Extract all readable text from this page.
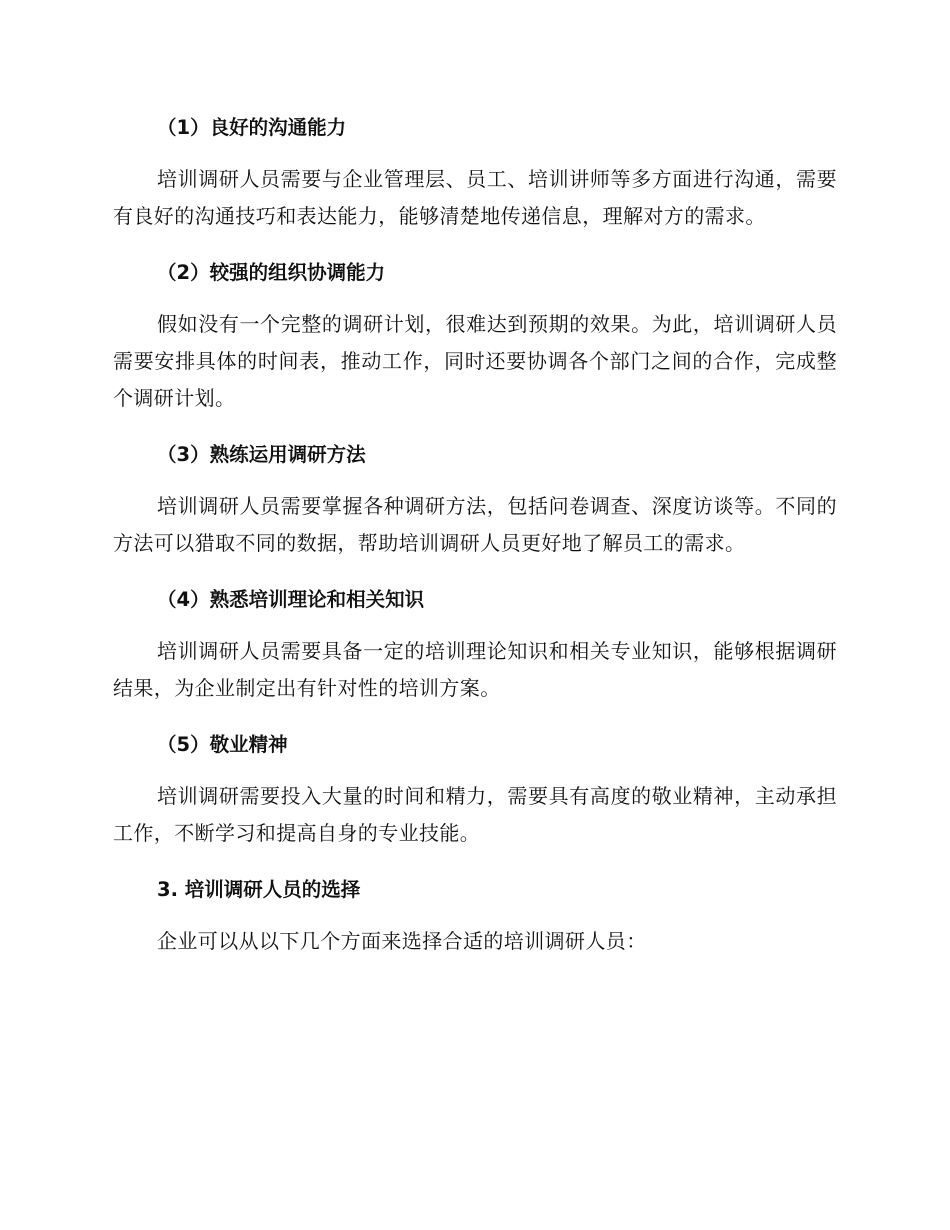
（1）良好的沟通能力

培训调研人员需要与企业管理层、员工、培训讲师等多方面进行沟通，需要有良好的沟通技巧和表达能力，能够清楚地传递信息，理解对方的需求。

（2）较强的组织协调能力

假如没有一个完整的调研计划，很难达到预期的效果。为此，培训调研人员需要安排具体的时间表，推动工作，同时还要协调各个部门之间的合作，完成整个调研计划。

（3）熟练运用调研方法

培训调研人员需要掌握各种调研方法，包括问卷调查、深度访谈等。不同的方法可以猎取不同的数据，帮助培训调研人员更好地了解员工的需求。

（4）熟悉培训理论和相关知识

培训调研人员需要具备一定的培训理论知识和相关专业知识，能够根据调研结果，为企业制定出有针对性的培训方案。

（5）敬业精神

培训调研需要投入大量的时间和精力，需要具有高度的敬业精神，主动承担工作，不断学习和提高自身的专业技能。

3. 培训调研人员的选择

企业可以从以下几个方面来选择合适的培训调研人员：
